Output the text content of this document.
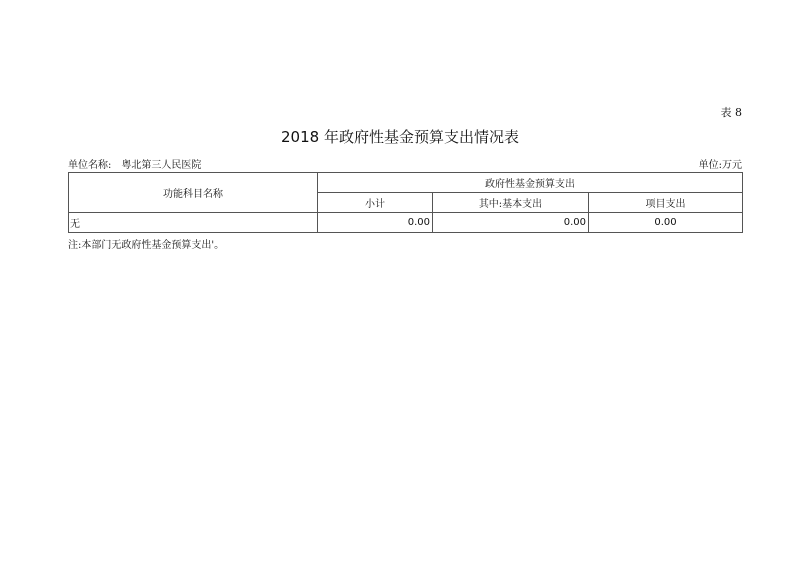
表 8
2018 年政府性基金预算支出情况表
单位名称: 粤北第三人民医院	单位:万元
功能科目名称	政府性基金预算支出		
	小计	其中:基本支出	项目支出
无	0.00	0.00	0.00
注:本部门无政府性基金预算支出'。
